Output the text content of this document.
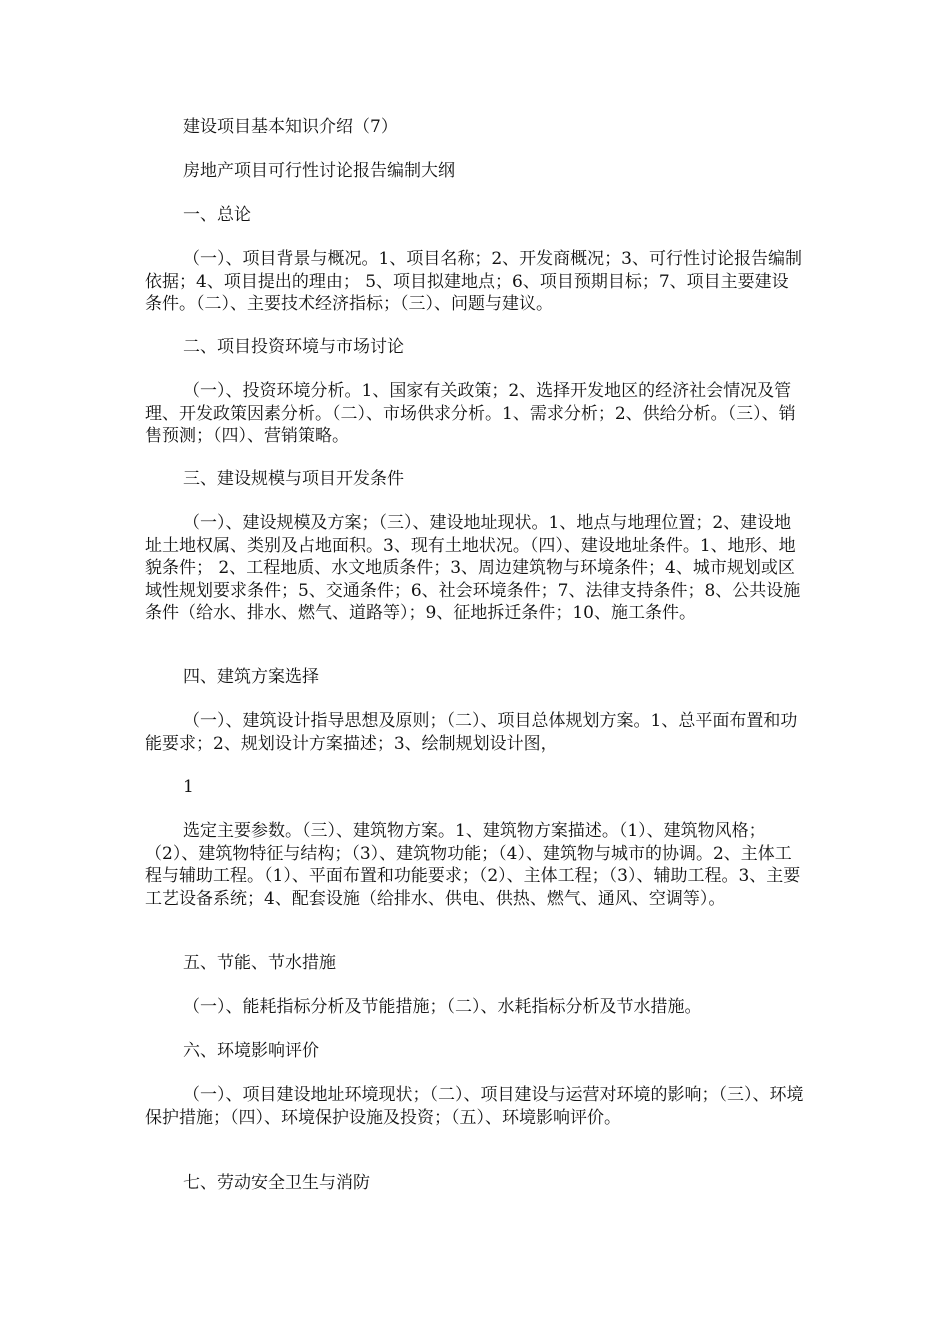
建设项目基本知识介绍（7）

房地产项目可行性讨论报告编制大纲

一、总论

（一）、项目背景与概况。1、项目名称；2、开发商概况；3、可行性讨论报告编制依据；4、项目提出的理由； 5、项目拟建地点；6、项目预期目标；7、项目主要建设条件。（二）、主要技术经济指标；（三）、问题与建议。

二、项目投资环境与市场讨论

（一）、投资环境分析。1、国家有关政策；2、选择开发地区的经济社会情况及管理、开发政策因素分析。（二）、市场供求分析。1、需求分析；2、供给分析。（三）、销售预测；（四）、营销策略。

三、建设规模与项目开发条件

（一）、建设规模及方案；（三）、建设地址现状。1、地点与地理位置；2、建设地址土地权属、类别及占地面积。3、现有土地状况。（四）、建设地址条件。1、地形、地貌条件； 2、工程地质、水文地质条件；3、周边建筑物与环境条件；4、城市规划或区域性规划要求条件；5、交通条件；6、社会环境条件；7、法律支持条件；8、公共设施条件（给水、排水、燃气、道路等）；9、征地拆迁条件；10、施工条件。

四、建筑方案选择

（一）、建筑设计指导思想及原则；（二）、项目总体规划方案。1、总平面布置和功能要求；2、规划设计方案描述；3、绘制规划设计图，

1

选定主要参数。（三）、建筑物方案。1、建筑物方案描述。（1）、建筑物风格；（2）、建筑物特征与结构；（3）、建筑物功能；（4）、建筑物与城市的协调。2、主体工程与辅助工程。（1）、平面布置和功能要求；（2）、主体工程；（3）、辅助工程。3、主要工艺设备系统；4、配套设施（给排水、供电、供热、燃气、通风、空调等）。

五、节能、节水措施

（一）、能耗指标分析及节能措施；（二）、水耗指标分析及节水措施。

六、环境影响评价

（一）、项目建设地址环境现状；（二）、项目建设与运营对环境的影响；（三）、环境保护措施；（四）、环境保护设施及投资；（五）、环境影响评价。

七、劳动安全卫生与消防
